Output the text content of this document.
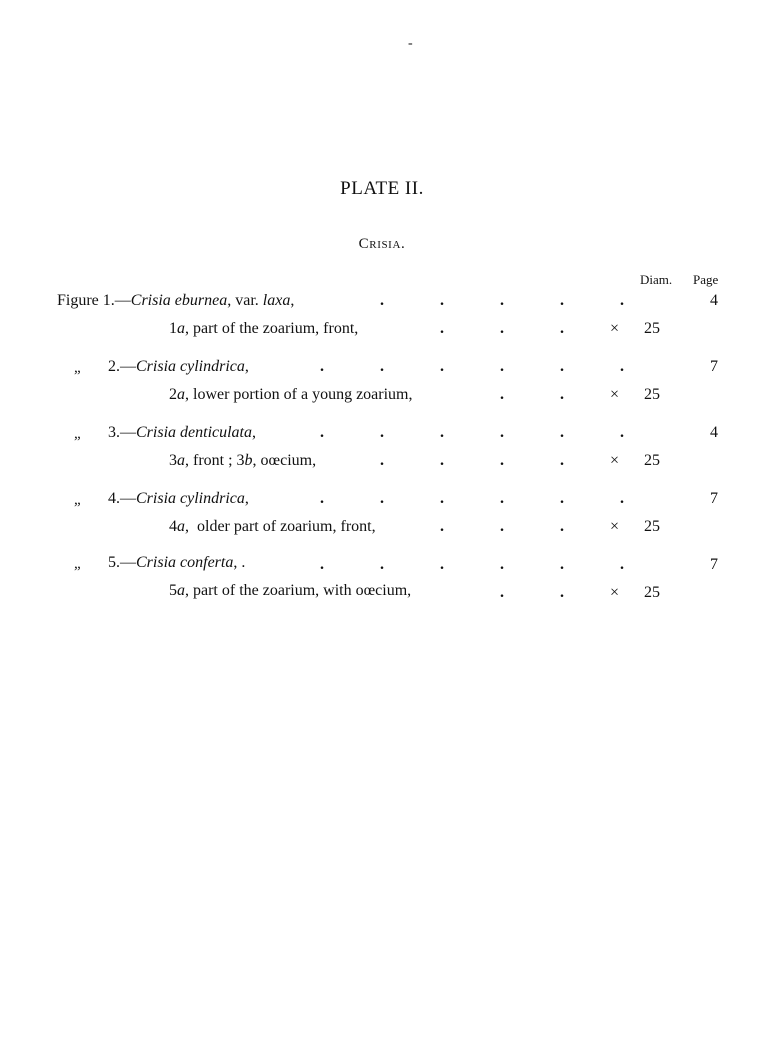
-
PLATE II.
Crisia.
Diam. Page
Figure 1.—Crisia eburnea, var. laxa,	4
1a, part of the zoarium, front,	× 25
„ 2.—Crisia cylindrica,	7
2a, lower portion of a young zoarium,	× 25
„ 3.—Crisia denticulata,	4
3a, front ; 3b, oœcium,	× 25
„ 4.—Crisia cylindrica,	7
4a,  older part of zoarium, front,	× 25
„ 5.—Crisia conferta, .	7
5a, part of the zoarium, with oœcium,	× 25
.	.	.	.	.
.	.	.
.	.	.	.	.	.
.	.
.	.	.	.	.	.
.	.	.	.
.	.	.	.	.	.
.	.	.
.	.	.	.	.	.
.	.
